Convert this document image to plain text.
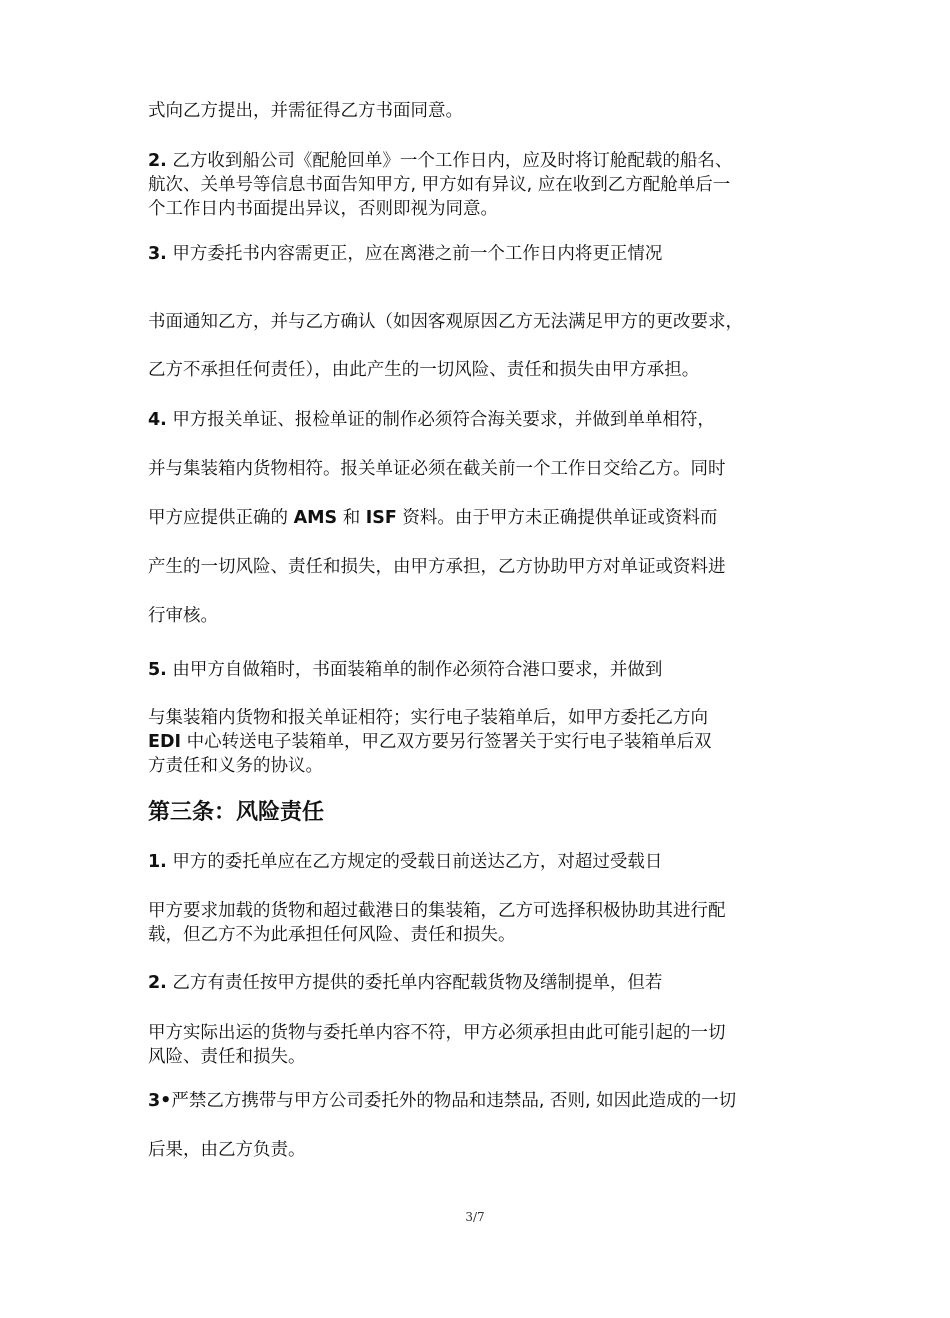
式向乙方提出，并需征得乙方书面同意。
2. 乙方收到船公司《配舱回单》一个工作日内，应及时将订舱配载的船名、
航次、关单号等信息书面告知甲方, 甲方如有异议, 应在收到乙方配舱单后一
个工作日内书面提出异议，否则即视为同意。
3. 甲方委托书内容需更正，应在离港之前一个工作日内将更正情况
书面通知乙方，并与乙方确认（如因客观原因乙方无法满足甲方的更改要求，
乙方不承担任何责任），由此产生的一切风险、责任和损失由甲方承担。
4. 甲方报关单证、报检单证的制作必须符合海关要求，并做到单单相符，
并与集装箱内货物相符。报关单证必须在截关前一个工作日交给乙方。同时
甲方应提供正确的 AMS 和 ISF 资料。由于甲方未正确提供单证或资料而
产生的一切风险、责任和损失，由甲方承担，乙方协助甲方对单证或资料进
行审核。
5. 由甲方自做箱时，书面装箱单的制作必须符合港口要求，并做到
与集装箱内货物和报关单证相符；实行电子装箱单后，如甲方委托乙方向
EDI 中心转送电子装箱单，甲乙双方要另行签署关于实行电子装箱单后双
方责任和义务的协议。
第三条：风险责任
1. 甲方的委托单应在乙方规定的受载日前送达乙方，对超过受载日
甲方要求加载的货物和超过截港日的集装箱，乙方可选择积极协助其进行配
载，但乙方不为此承担任何风险、责任和损失。
2. 乙方有责任按甲方提供的委托单内容配载货物及缮制提单，但若
甲方实际出运的货物与委托单内容不符，甲方必须承担由此可能引起的一切
风险、责任和损失。
3•严禁乙方携带与甲方公司委托外的物品和违禁品, 否则, 如因此造成的一切
后果，由乙方负责。
3/7
